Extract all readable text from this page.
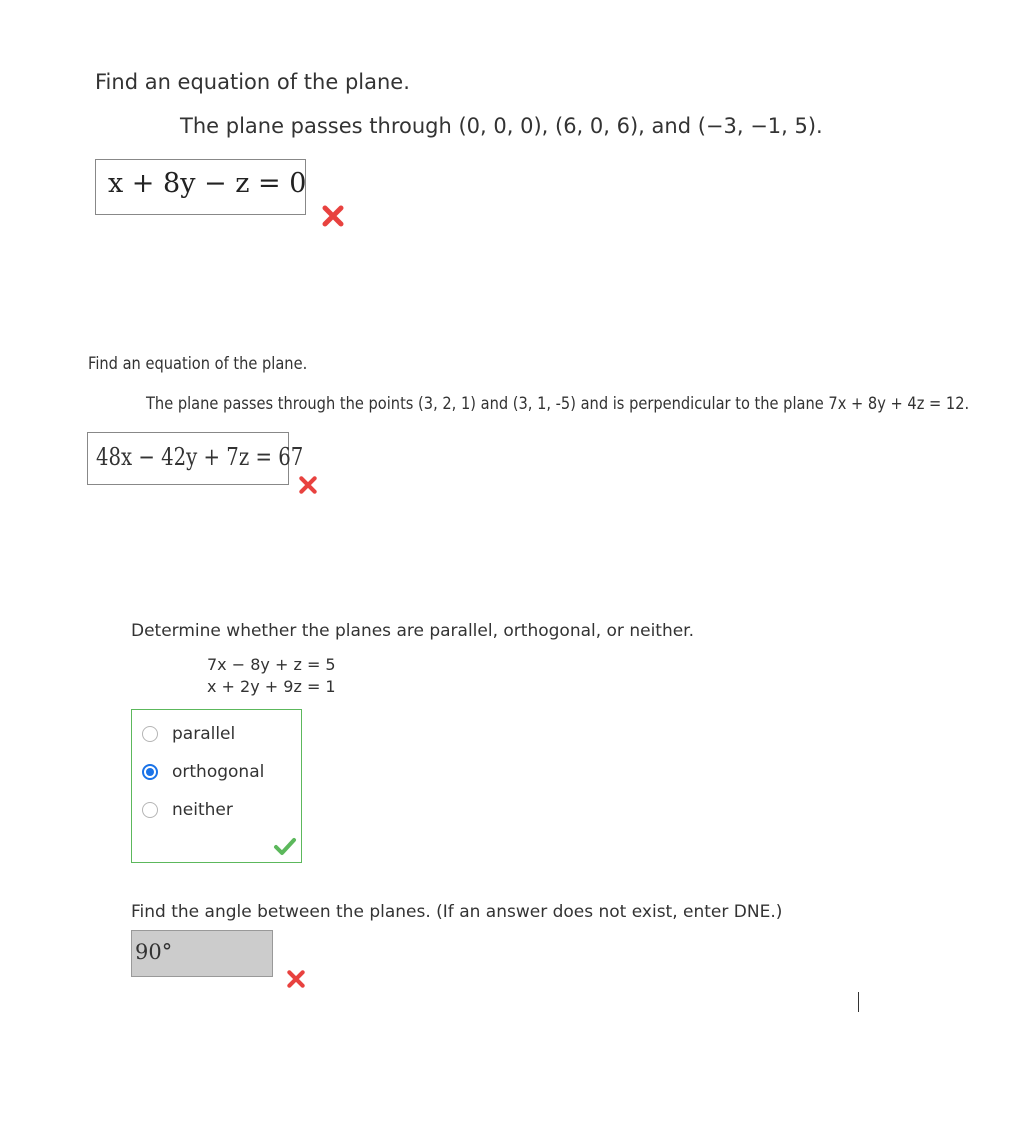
Find an equation of the plane.
The plane passes through (0, 0, 0), (6, 0, 6), and (−3, −1, 5).
x + 8y − z = 0
Find an equation of the plane.
The plane passes through the points (3, 2, 1) and (3, 1, -5) and is perpendicular to the plane 7x + 8y + 4z = 12.
48x − 42y + 7z = 67
Determine whether the planes are parallel, orthogonal, or neither.
7x − 8y + z = 5
x + 2y + 9z = 1
parallel
orthogonal
neither
Find the angle between the planes. (If an answer does not exist, enter DNE.)
90°
